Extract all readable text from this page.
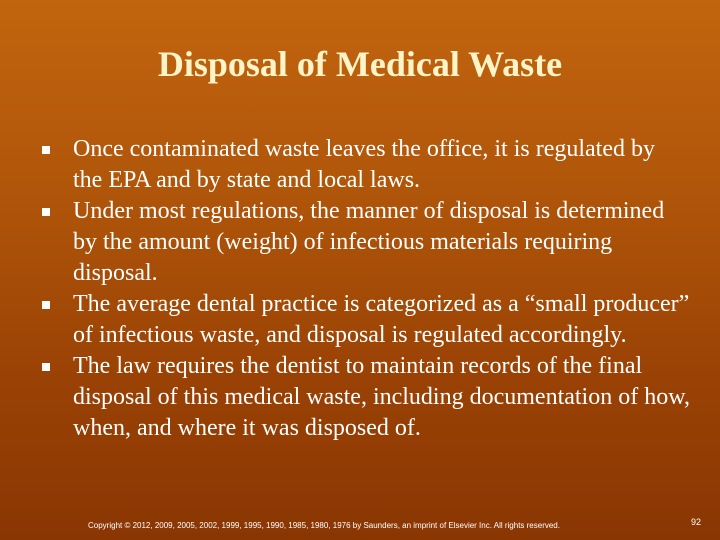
Disposal of Medical Waste
Once contaminated waste leaves the office, it is regulated by the EPA and by state and local laws.
Under most regulations, the manner of disposal is determined by the amount (weight) of infectious materials requiring disposal.
The average dental practice is categorized as a “small producer” of infectious waste, and disposal is regulated accordingly.
The law requires the dentist to maintain records of the final disposal of this medical waste, including documentation of how, when, and where it was disposed of.
Copyright © 2012, 2009, 2005, 2002, 1999, 1995, 1990, 1985, 1980, 1976 by Saunders, an imprint of Elsevier Inc. All rights reserved.	92
